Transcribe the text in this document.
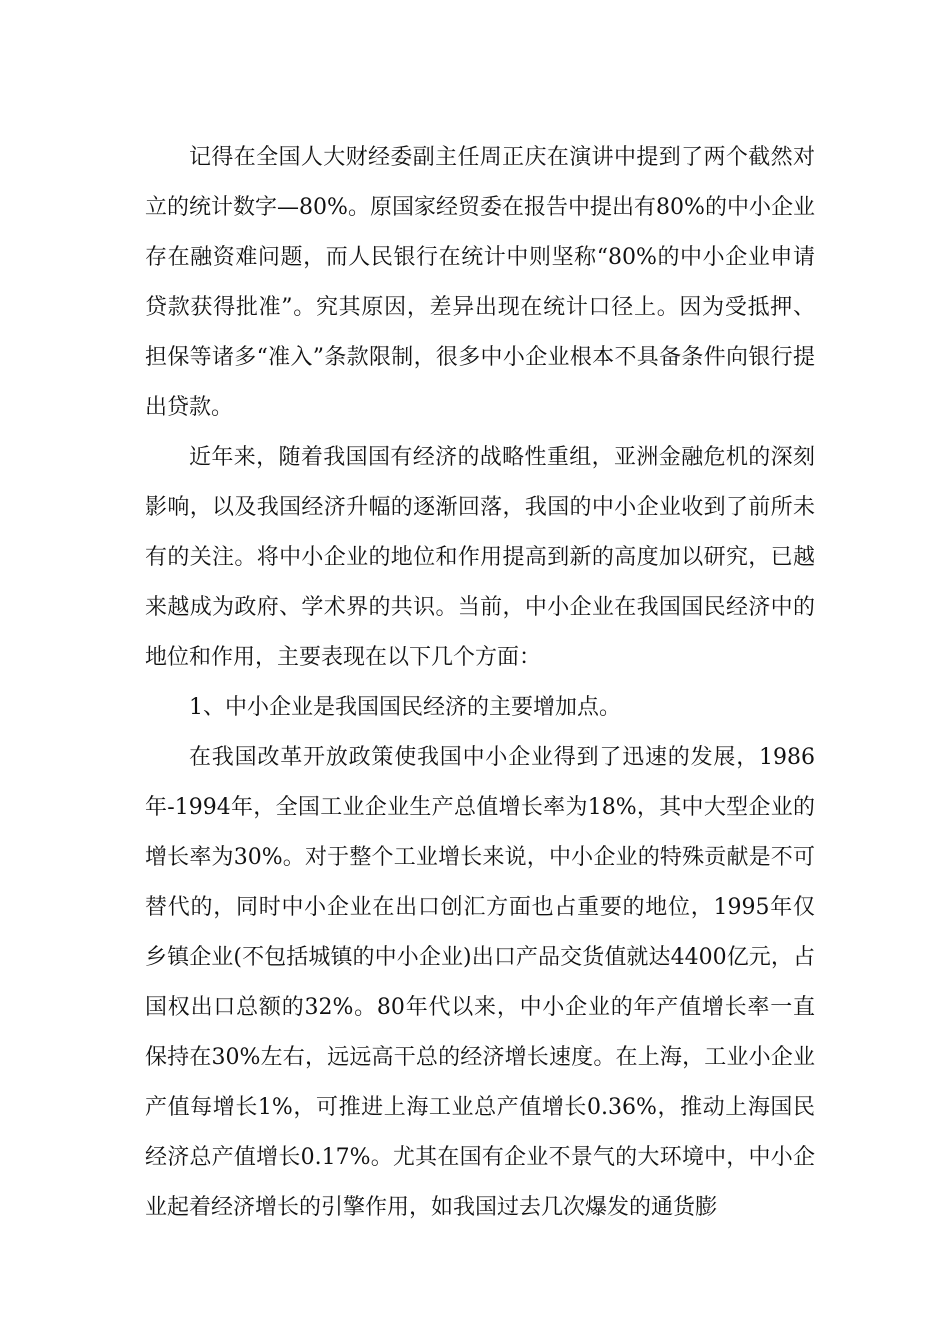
记得在全国人大财经委副主任周正庆在演讲中提到了两个截然对立的统计数字—80%。原国家经贸委在报告中提出有80%的中小企业存在融资难问题，而人民银行在统计中则坚称“80%的中小企业申请贷款获得批准”。究其原因，差异出现在统计口径上。因为受抵押、担保等诸多“准入”条款限制，很多中小企业根本不具备条件向银行提出贷款。

近年来，随着我国国有经济的战略性重组，亚洲金融危机的深刻影响，以及我国经济升幅的逐渐回落，我国的中小企业收到了前所未有的关注。将中小企业的地位和作用提高到新的高度加以研究，已越来越成为政府、学术界的共识。当前，中小企业在我国国民经济中的地位和作用，主要表现在以下几个方面：

1、中小企业是我国国民经济的主要增加点。

在我国改革开放政策使我国中小企业得到了迅速的发展，1986年-1994年，全国工业企业生产总值增长率为18%，其中大型企业的增长率为30%。对于整个工业增长来说，中小企业的特殊贡献是不可替代的，同时中小企业在出口创汇方面也占重要的地位，1995年仅乡镇企业(不包括城镇的中小企业)出口产品交货值就达4400亿元，占国权出口总额的32%。80年代以来，中小企业的年产值增长率一直保持在30%左右，远远高干总的经济增长速度。在上海，工业小企业产值每增长1%，可推进上海工业总产值增长0.36%，推动上海国民经济总产值增长0.17%。尤其在国有企业不景气的大环境中，中小企业起着经济增长的引擎作用，如我国过去几次爆发的通货膨
